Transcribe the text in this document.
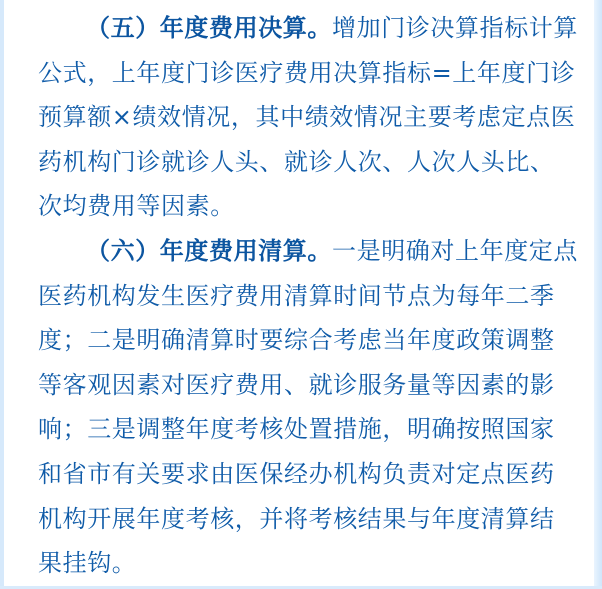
（五）年度费用决算。增加门诊决算指标计算公式，上年度门诊医疗费用决算指标=上年度门诊预算额×绩效情况，其中绩效情况主要考虑定点医药机构门诊就诊人头、就诊人次、人次人头比、次均费用等因素。

（六）年度费用清算。一是明确对上年度定点医药机构发生医疗费用清算时间节点为每年二季度；二是明确清算时要综合考虑当年度政策调整等客观因素对医疗费用、就诊服务量等因素的影响；三是调整年度考核处置措施，明确按照国家和省市有关要求由医保经办机构负责对定点医药机构开展年度考核，并将考核结果与年度清算结果挂钩。
